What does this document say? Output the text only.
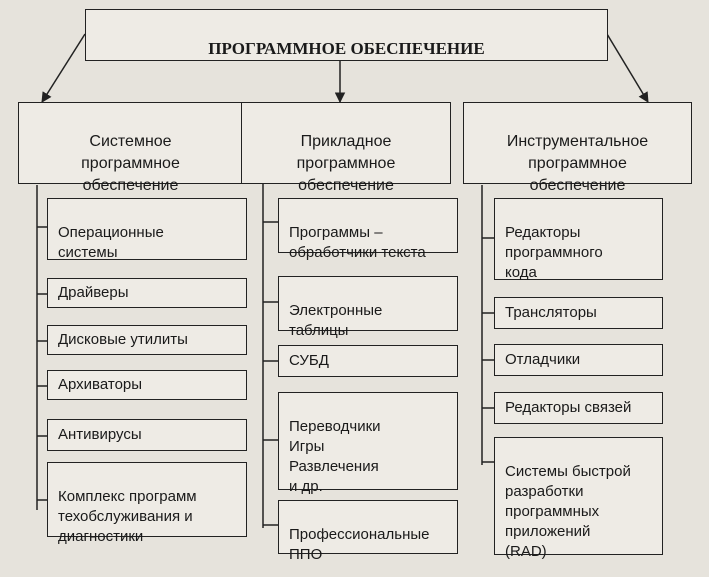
ПРОГРАММНОЕ ОБЕСПЕЧЕНИЕ

Системное
программное
обеспечение

Прикладное
программное
обеспечение

Инструментальное
программное
обеспечение

Операционные
системы

Драйверы
Дисковые утилиты
Архиваторы
Антивирусы

Комплекс программ
техобслуживания и
диагностики

Программы –
обработчики текста

Электронные
таблицы

СУБД

Переводчики
Игры
Развлечения
и др.

Профессиональные
ППО

Редакторы
программного
кода

Трансляторы
Отладчики
Редакторы связей

Системы быстрой
разработки
программных
приложений
(RAD)
